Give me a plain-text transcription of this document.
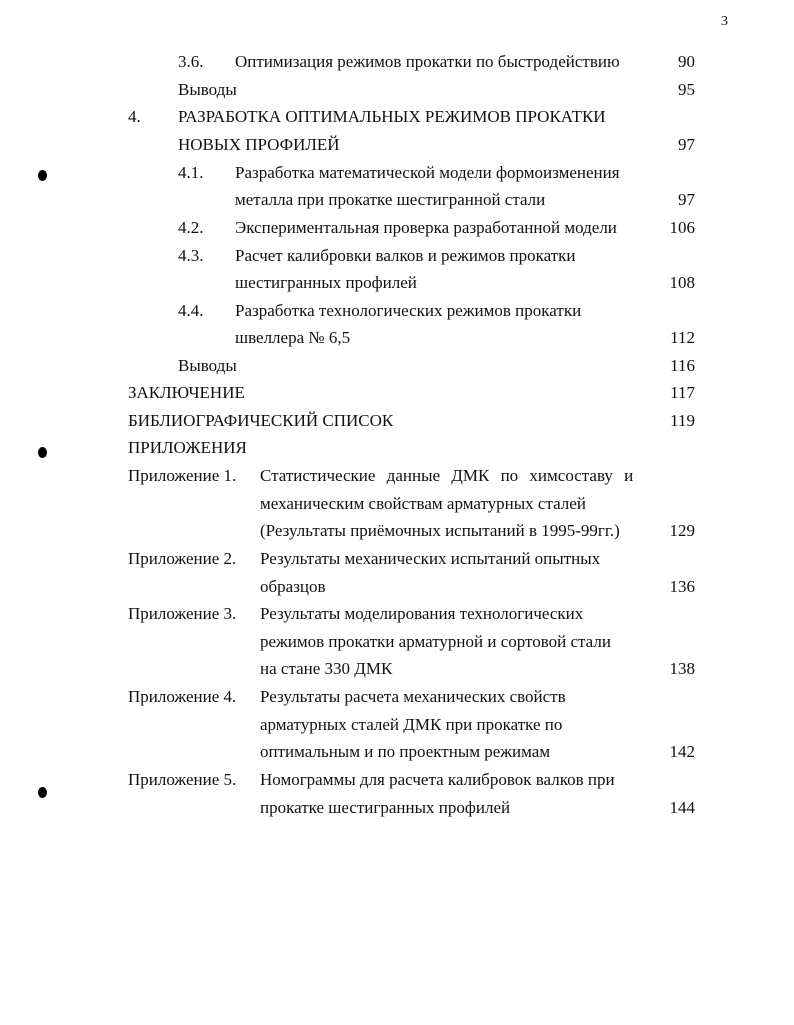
3
3.6. Оптимизация режимов прокатки по быстродействию	90
Выводы	95
4. РАЗРАБОТКА ОПТИМАЛЬНЫХ РЕЖИМОВ ПРОКАТКИ
НОВЫХ ПРОФИЛЕЙ	97
4.1. Разработка математической модели формоизменения
металла при прокатке шестигранной стали	97
4.2. Экспериментальная проверка разработанной модели	106
4.3. Расчет калибровки валков и режимов прокатки
шестигранных профилей	108
4.4. Разработка технологических режимов прокатки
швеллера № 6,5	112
Выводы	116
ЗАКЛЮЧЕНИЕ	117
БИБЛИОГРАФИЧЕСКИЙ СПИСОК	119
ПРИЛОЖЕНИЯ
Приложение 1. Статистические данные ДМК по химсоставу и
механическим свойствам арматурных сталей
(Результаты приёмочных испытаний в 1995-99гг.)	129
Приложение 2. Результаты механических испытаний опытных
образцов	136
Приложение 3. Результаты моделирования технологических
режимов прокатки арматурной и сортовой стали
на стане 330 ДМК	138
Приложение 4. Результаты расчета механических свойств
арматурных сталей ДМК при прокатке по
оптимальным и по проектным режимам	142
Приложение 5. Номограммы для расчета калибровок валков при
прокатке шестигранных профилей	144
